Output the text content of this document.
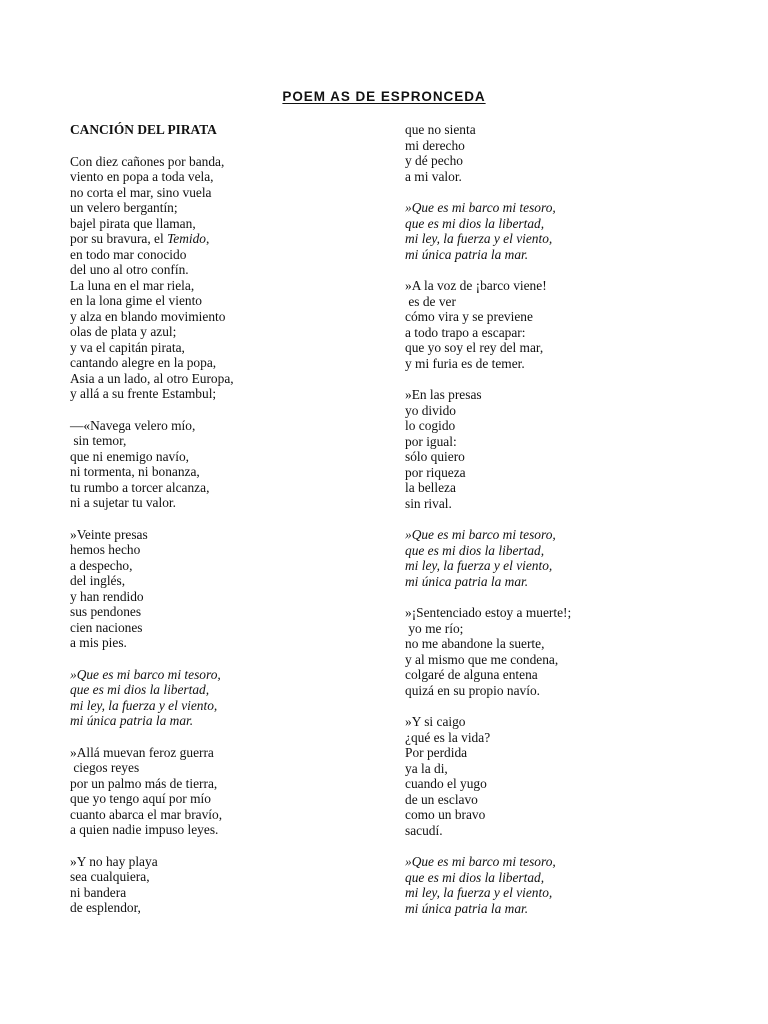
POEM AS DE ESPRONCEDA
CANCIÓN DEL PIRATA
Con diez cañones por banda,
viento en popa a toda vela,
no corta el mar, sino vuela
un velero bergantín;
bajel pirata que llaman,
por su bravura, el Temido,
en todo mar conocido
del uno al otro confín.
La luna en el mar riela,
en la lona gime el viento
y alza en blando movimiento
olas de plata y azul;
y va el capitán pirata,
cantando alegre en la popa,
Asia a un lado, al otro Europa,
y allá a su frente Estambul;
—«Navega velero mío,
sin temor,
que ni enemigo navío,
ni tormenta, ni bonanza,
tu rumbo a torcer alcanza,
ni a sujetar tu valor.
»Veinte presas
hemos hecho
a despecho,
del inglés,
y han rendido
sus pendones
cien naciones
a mis pies.
»Que es mi barco mi tesoro,
que es mi dios la libertad,
mi ley, la fuerza y el viento,
mi única patria la mar.
»Allá muevan feroz guerra
ciegos reyes
por un palmo más de tierra,
que yo tengo aquí por mío
cuanto abarca el mar bravío,
a quien nadie impuso leyes.
»Y no hay playa
sea cualquiera,
ni bandera
de esplendor,
que no sienta
mi derecho
y dé pecho
a mi valor.
»Que es mi barco mi tesoro,
que es mi dios la libertad,
mi ley, la fuerza y el viento,
mi única patria la mar.
»A la voz de ¡barco viene!
es de ver
cómo vira y se previene
a todo trapo a escapar:
que yo soy el rey del mar,
y mi furia es de temer.
»En las presas
yo divido
lo cogido
por igual:
sólo quiero
por riqueza
la belleza
sin rival.
»Que es mi barco mi tesoro,
que es mi dios la libertad,
mi ley, la fuerza y el viento,
mi única patria la mar.
»¡Sentenciado estoy a muerte!;
yo me río;
no me abandone la suerte,
y al mismo que me condena,
colgaré de alguna entena
quizá en su propio navío.
»Y si caigo
¿qué es la vida?
Por perdida
ya la di,
cuando el yugo
de un esclavo
como un bravo
sacudí.
»Que es mi barco mi tesoro,
que es mi dios la libertad,
mi ley, la fuerza y el viento,
mi única patria la mar.
